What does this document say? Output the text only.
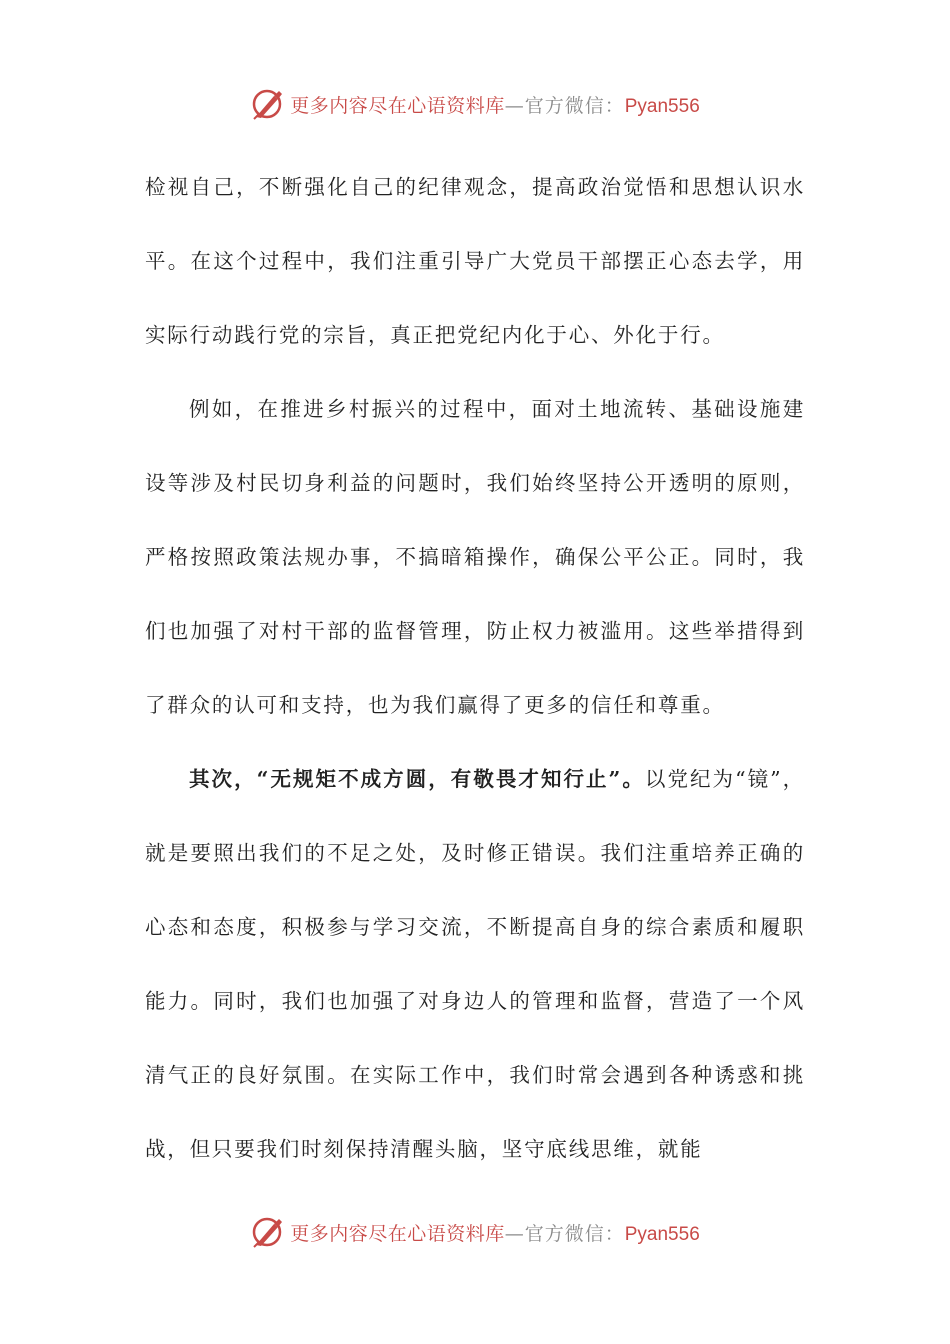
更多内容尽在心语资料库 —官方微信： Pyan556

检视自己，不断强化自己的纪律观念，提高政治觉悟和思想认识水平。在这个过程中，我们注重引导广大党员干部摆正心态去学，用实际行动践行党的宗旨，真正把党纪内化于心、外化于行。

例如，在推进乡村振兴的过程中，面对土地流转、基础设施建设等涉及村民切身利益的问题时，我们始终坚持公开透明的原则，严格按照政策法规办事，不搞暗箱操作，确保公平公正。同时，我们也加强了对村干部的监督管理，防止权力被滥用。这些举措得到了群众的认可和支持，也为我们赢得了更多的信任和尊重。

其次，“无规矩不成方圆，有敬畏才知行止”。以党纪为“镜”，就是要照出我们的不足之处，及时修正错误。我们注重培养正确的心态和态度，积极参与学习交流，不断提高自身的综合素质和履职能力。同时，我们也加强了对身边人的管理和监督，营造了一个风清气正的良好氛围。在实际工作中，我们时常会遇到各种诱惑和挑战，但只要我们时刻保持清醒头脑，坚守底线思维，就能

更多内容尽在心语资料库 —官方微信： Pyan556
